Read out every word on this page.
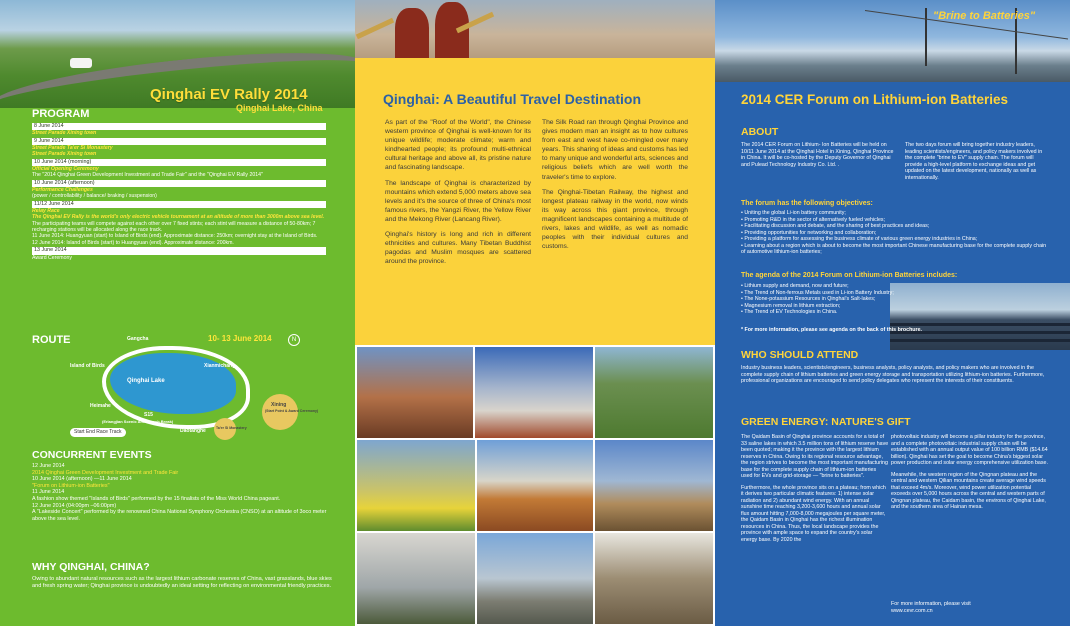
Qinghai EV Rally 2014
Qinghai Lake, China
PROGRAM
8 June 2014
Street Parade Xining town
9 June 2014
Street Parade Ta'er Si Monastery
Street Parade Xining town
10 June 2014 (morning)
Official Opening Ceremony
The "2014 Qinghai Green Development Investment and Trade Fair" and the "Qinghai EV Rally 2014"
10 June 2014 (afternoon)
Performance Challenges
(power / controllability / balance/ braking / suspension)
11/12 June 2014
Relay Race
The Qinghai EV Rally is the world's only electric vehicle tournament at an altitude of more than 3000m above sea level.
The participating teams will compete against each other over 7 fixed stints; each stint will measure a distance of 50-80km; 7 recharging stations will be allocated along the race track.
11 June 2014: Huangyuan (start) to Island of Birds (end). Approximate distance: 250km; overnight stay at the Island of Birds.
12 June 2014: Island of Birds (start) to Huangyuan (end). Approximate distance: 200km.
13 June 2014
Award Ceremony
ROUTE	10- 13 June 2014	N
Gangcha
Island of Birds	Xianmichang
Qinghai Lake
Heimahe
S15
(Erlangjian Scenic Area Lunch Break)
Daotanghe
Xining
(Start Point & Award Ceremony)
Ta'er Si Monastery
Start End Race Track
CONCURRENT EVENTS
12 June 2014
2014 Qinghai Green Development Investment and Trade Fair
10 June 2014 (afternoon) —11 June 2014
"Forum on Lithium-ion Batteries"
11 June 2014
A fashion show themed "Islands of Birds" performed by the 15 finalists of the Miss World China pageant.
12 June 2014 (04:00pm –06:00pm)
A "Lakeside Concert" performed by the renowned China National Symphony Orchestra (CNSO) at an altitude of 3oco meter above the sea level.
WHY QINGHAI, CHINA?
Owing to abundant natural resources such as the largest lithium carbonate reserves of China, vast grasslands, blue skies and fresh spring water; Qinghai province is undoubtedly an ideal setting for reflecting on environmental friendly practices.
Qinghai: A Beautiful Travel Destination

As part of the "Roof of the World", the Chinese western province of Qinghai is well-known for its unique wildlife; moderate climate; warm and kindhearted people; its profound multi-ethnical cultural heritage and above all, its pristine nature and fascinating landscape.

The landscape of Qinghai is characterized by mountains which extend 5,000 meters above sea levels and it's the source of three of China's most famous rivers, the Yangzi River, the Yellow River and the Mekong River (Lancang River).

Qinghai's history is long and rich in different ethnicities and cultures. Many Tibetan Buddhist pagodas and Muslim mosques are scattered around the province.

The Silk Road ran through Qinghai Province and gives modern man an insight as to how cultures from east and west have co-mingled over many years. This sharing of ideas and customs has led to many unique and wonderful arts, sciences and religious beliefs which are well worth the traveler's time to explore.

The Qinghai-Tibetan Railway, the highest and longest plateau railway in the world, now winds its way across this giant province, through magnificent landscapes containing a multitude of rivers, lakes and wildlife, as well as nomadic peoples with their individual cultures and customs.

"Brine to Batteries"
2014 CER Forum on Lithium-ion Batteries
ABOUT
The 2014 CER Forum on Lithium- Ion Batteries will be held on 10/11 June 2014 at the Qinghai Hotel in Xining, Qinghai Province in China. It will be co-hosted by the Deputy Governor of Qinghai and Pulead Technology Industry Co. Ltd. .
The two days forum will bring together industry leaders, leading scientists/engineers, and policy makers involved in the complete "brine to EV" supply chain. The forum will provide a high-level platform to exchange ideas and get updated on the latest development, nationally as well as internationally.
The forum has the following objectives:
• Uniting the global Li-ion battery community;
• Promoting R&D in the sector of alternatively fueled vehicles;
• Facilitating discussion and debate, and the sharing of best practices and ideas;
• Providing opportunities for networking and collaboration;
• Providing a platform for assessing the business climate of various green energy industries in China;
• Learning about a region which is about to become the most important Chinese manufacturing base for the complete supply chain of automotive lithium-ion batteries;
The agenda of the 2014 Forum on Lithium-ion Batteries includes:
• Lithium supply and demand, now and future;
• The Trend of Non-ferrous Metals used in Li-ion Battery Industry;
• The None-potassium Resources in Qinghai's Salt-lakes;
• Magnesium removal in lithium extraction;
• The Trend of EV Technologies in China.
* For more information, please see agenda on the back of this brochure.
WHO SHOULD ATTEND
Industry business leaders, scientists/engineers, business analysts, policy analysts, and policy makers who are involved in the complete supply chain of lithium batteries and green energy storage and transportation utilizing lithium-ion batteries. Furthermore, professional organizations are encouraged to send policy delegates who represent the interests of their constituents.
GREEN ENERGY: NATURE'S GIFT
The Qaidam Basin of Qinghai province accounts for a total of 33 saline lakes in which 3.5 million tons of lithium reserve have been quoted; making it the province with the largest lithium reserves in China. Owing to its regional resource advantage, the region strives to become the most important manufacturing base for the complete supply chain of lithium-ion batteries used for EVs and grid-storage — "brine to batteries".
Furthermore, the whole province sits on a plateau; from which it derives two particular climatic features: 1) intense solar radiation and 2) abundant wind energy. With an annual sunshine time reaching 3,200-3,600 hours and annual solar flux amount hitting 7,000-8,000 megajoules per square meter, the Qaidam Basin in Qinghai has the richest illumination resources in China. Thus, the local landscape provides the province with ample space to expand the country's solar energy base. By 2020 the
photovoltaic industry will become a pillar industry for the province, and a complete photovoltaic industrial supply chain will be established with an annual output value of 100 billion RMB ($14.64 billion). Qinghai has set the goal to become China's biggest solar power production and solar energy comprehensive utilization base.
Meanwhile, the western region of the Qingnan plateau and the central and western Qilian mountains create average wind speeds that exceed 4m/s. Moreover, wind power utilization potential exceeds over 5,000 hours across the central and western parts of Qingnan plateau, the Caidam basin, the environs of Qinghai Lake, and the southern area of Hainan mesa.
For more information, please visit
www.cevr.com.cn
